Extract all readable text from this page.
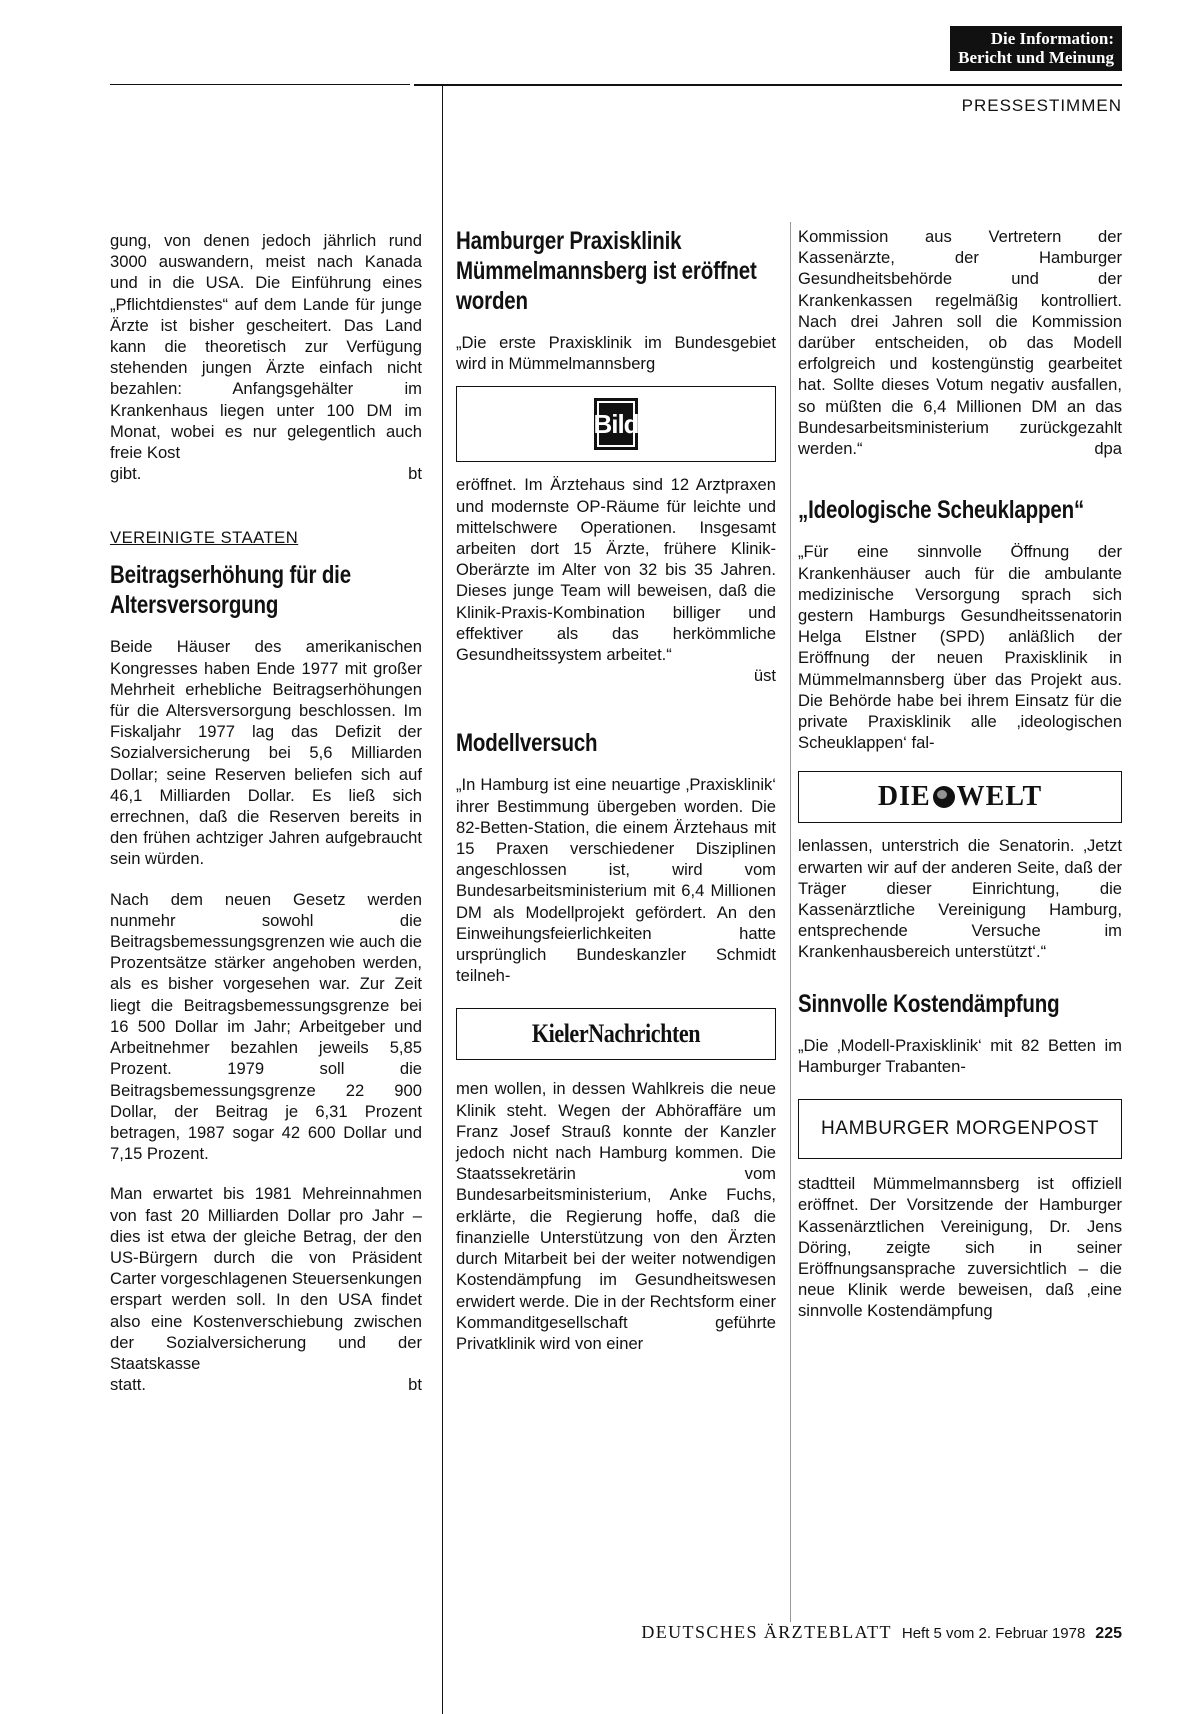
Die Information:
Bericht und Meinung
PRESSESTIMMEN

gung, von denen jedoch jährlich rund 3000 auswandern, meist nach Kanada und in die USA. Die Einführung eines „Pflichtdienstes“ auf dem Lande für junge Ärzte ist bisher gescheitert. Das Land kann die theoretisch zur Verfügung stehenden jungen Ärzte einfach nicht bezahlen: Anfangsgehälter im Krankenhaus liegen unter 100 DM im Monat, wobei es nur gelegentlich auch freie Kost

gibt.	bt

VEREINIGTE STAATEN
Beitragserhöhung für die Altersversorgung

Beide Häuser des amerikanischen Kongresses haben Ende 1977 mit großer Mehrheit erhebliche Beitragserhöhungen für die Altersversorgung beschlossen. Im Fiskaljahr 1977 lag das Defizit der Sozialversicherung bei 5,6 Milliarden Dollar; seine Reserven beliefen sich auf 46,1 Milliarden Dollar. Es ließ sich errechnen, daß die Reserven bereits in den frühen achtziger Jahren aufgebraucht sein würden.

Nach dem neuen Gesetz werden nunmehr sowohl die Beitragsbemessungsgrenzen wie auch die Prozentsätze stärker angehoben werden, als es bisher vorgesehen war. Zur Zeit liegt die Beitragsbemessungsgrenze bei 16 500 Dollar im Jahr; Arbeitgeber und Arbeitnehmer bezahlen jeweils 5,85 Prozent. 1979 soll die Beitragsbemessungsgrenze 22 900 Dollar, der Beitrag je 6,31 Prozent betragen, 1987 sogar 42 600 Dollar und 7,15 Prozent.

Man erwartet bis 1981 Mehreinnahmen von fast 20 Milliarden Dollar pro Jahr – dies ist etwa der gleiche Betrag, der den US-Bürgern durch die von Präsident Carter vorgeschlagenen Steuersenkungen erspart werden soll. In den USA findet also eine Kostenverschiebung zwischen der Sozialversicherung und der Staatskasse

statt.	bt

Hamburger Praxisklinik Mümmelmannsberg ist eröffnet worden

„Die erste Praxisklinik im Bundesgebiet wird in Mümmelmannsberg

Bild

eröffnet. Im Ärztehaus sind 12 Arztpraxen und modernste OP-Räume für leichte und mittelschwere Operationen. Insgesamt arbeiten dort 15 Ärzte, frühere Klinik-Oberärzte im Alter von 32 bis 35 Jahren. Dieses junge Team will beweisen, daß die Klinik-Praxis-Kombination billiger und effektiver als das herkömmliche Gesundheitssystem arbeitet.“

üst

Modellversuch

„In Hamburg ist eine neuartige ‚Praxisklinik‘ ihrer Bestimmung übergeben worden. Die 82-Betten-Station, die einem Ärztehaus mit 15 Praxen verschiedener Disziplinen angeschlossen ist, wird vom Bundesarbeitsministerium mit 6,4 Millionen DM als Modellprojekt gefördert. An den Einweihungsfeierlichkeiten hatte ursprünglich Bundeskanzler Schmidt teilneh-

KielerNachrichten

men wollen, in dessen Wahlkreis die neue Klinik steht. Wegen der Abhöraffäre um Franz Josef Strauß konnte der Kanzler jedoch nicht nach Hamburg kommen. Die Staatssekretärin vom Bundesarbeitsministerium, Anke Fuchs, erklärte, die Regierung hoffe, daß die finanzielle Unterstützung von den Ärzten durch Mitarbeit bei der weiter notwendigen Kostendämpfung im Gesundheitswesen erwidert werde. Die in der Rechtsform einer Kommanditgesellschaft geführte Privatklinik wird von einer

Kommission aus Vertretern der Kassenärzte, der Hamburger Gesundheitsbehörde und der Krankenkassen regelmäßig kontrolliert. Nach drei Jahren soll die Kommission darüber entscheiden, ob das Modell erfolgreich und kostengünstig gearbeitet hat. Sollte dieses Votum negativ ausfallen, so müßten die 6,4 Millionen DM an das Bundesarbeitsministerium zurückgezahlt werden.“	dpa

„Ideologische Scheuklappen“

„Für eine sinnvolle Öffnung der Krankenhäuser auch für die ambulante medizinische Versorgung sprach sich gestern Hamburgs Gesundheitssenatorin Helga Elstner (SPD) anläßlich der Eröffnung der neuen Praxisklinik in Mümmelmannsberg über das Projekt aus. Die Behörde habe bei ihrem Einsatz für die private Praxisklinik alle ‚ideologischen Scheuklappen‘ fal-

DIE WELT

lenlassen, unterstrich die Senatorin. ‚Jetzt erwarten wir auf der anderen Seite, daß der Träger dieser Einrichtung, die Kassenärztliche Vereinigung Hamburg, entsprechende Versuche im Krankenhausbereich unterstützt‘.“

Sinnvolle Kostendämpfung

„Die ‚Modell-Praxisklinik‘ mit 82 Betten im Hamburger Trabanten-

HAMBURGER MORGENPOST

stadtteil Mümmelmannsberg ist offiziell eröffnet. Der Vorsitzende der Hamburger Kassenärztlichen Vereinigung, Dr. Jens Döring, zeigte sich in seiner Eröffnungsansprache zuversichtlich – die neue Klinik werde beweisen, daß ‚eine sinnvolle Kostendämpfung

DEUTSCHES ÄRZTEBLATT Heft 5 vom 2. Februar 1978 225
